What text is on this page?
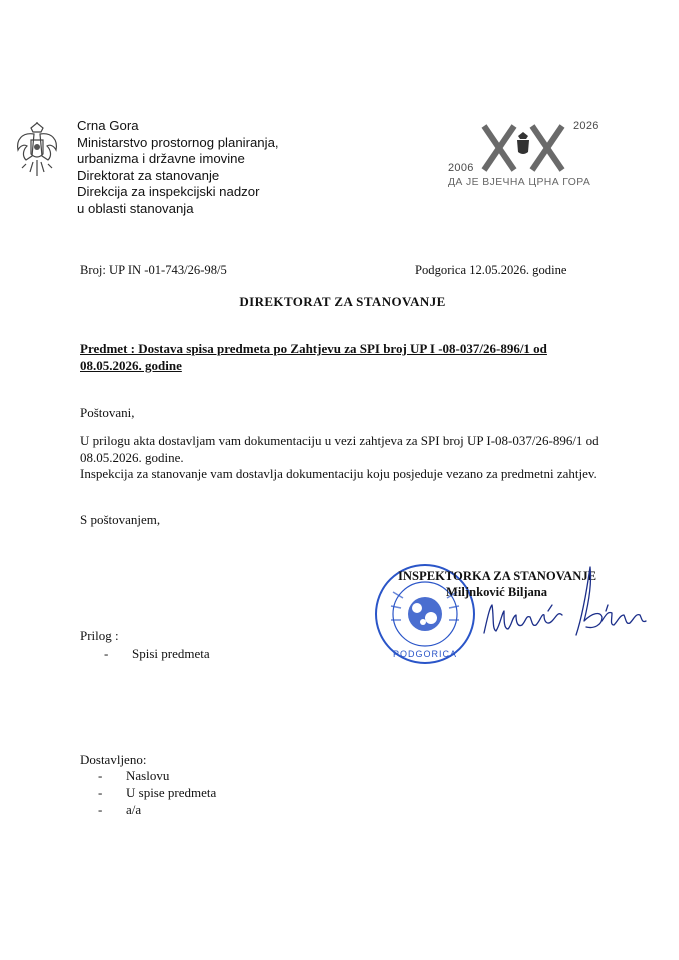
Crna Gora
Ministarstvo prostornog planiranja,
urbanizma i državne imovine
Direktorat za stanovanje
Direkcija za inspekcijski nadzor
u oblasti stanovanja
2026
2006
ДА ЈЕ ВЈЕЧНА ЦРНА ГОРА
Broj: UP IN -01-743/26-98/5	Podgorica 12.05.2026. godine
DIREKTORAT ZA STANOVANJE
Predmet : Dostava spisa predmeta po Zahtjevu za SPI broj UP I -08-037/26-896/1 od 08.05.2026. godine
Poštovani,

U prilogu akta dostavljam vam dokumentaciju u vezi zahtjeva za SPI broj UP I-08-037/26-896/1 od 08.05.2026. godine.

Inspekcija za stanovanje vam dostavlja dokumentaciju koju posjeduje vezano za predmetni zahtjev.

S poštovanjem,
PODGORICA
INSPEKTORKA ZA STANOVANJE
Miljnković Biljana
Prilog :
- Spisi predmeta
Dostavljeno:
- Naslovu
- U spise predmeta
- a/a
